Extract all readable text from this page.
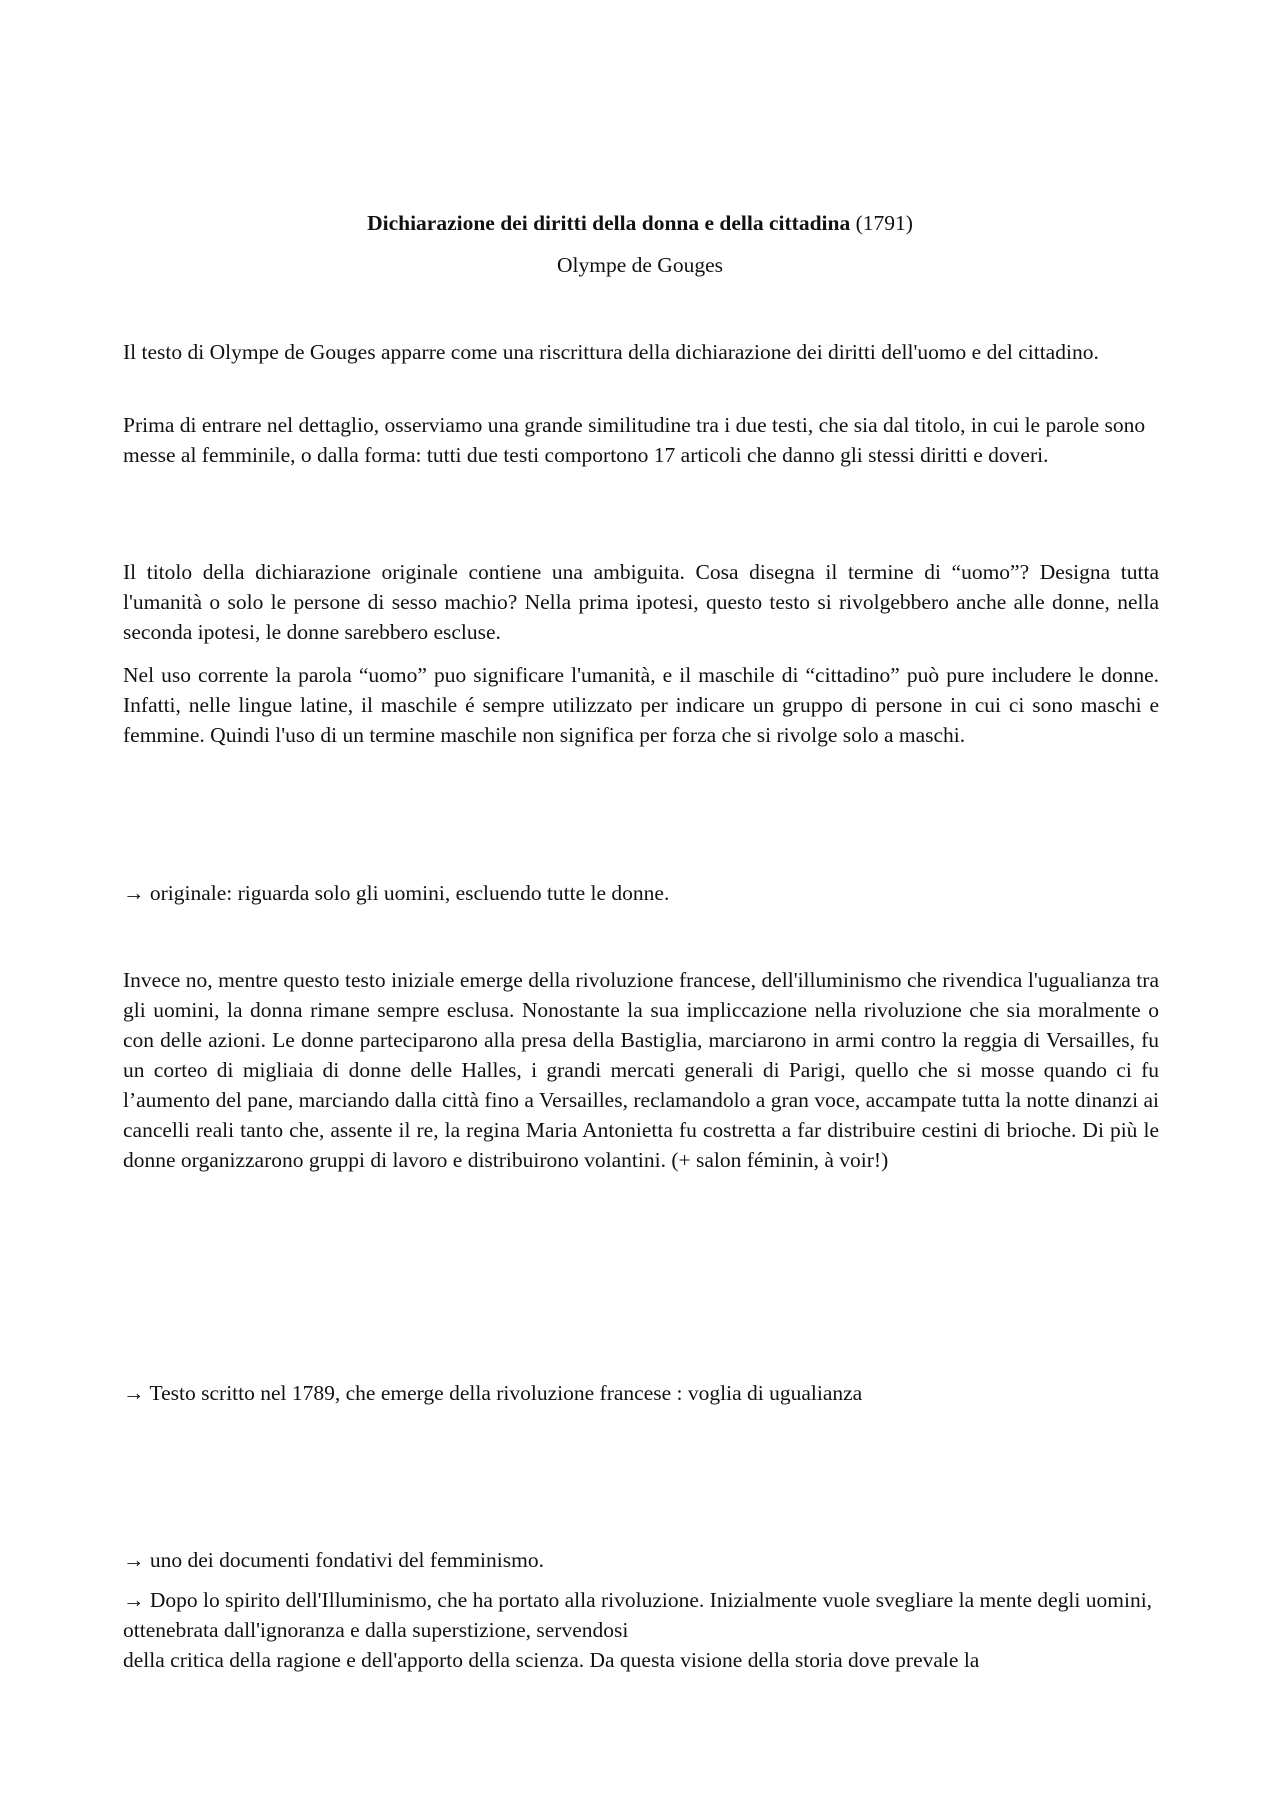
Dichiarazione dei diritti della donna e della cittadina (1791)

Olympe de Gouges

Il testo di Olympe de Gouges apparre come una riscrittura della dichiarazione dei diritti dell'uomo e del cittadino.

Prima di entrare nel dettaglio, osserviamo una grande similitudine tra i due testi, che sia dal titolo, in cui le parole sono messe al femminile, o dalla forma: tutti due testi comportono 17 articoli che danno gli stessi diritti e doveri.

Il titolo della dichiarazione originale contiene una ambiguita. Cosa disegna il termine di “uomo”? Designa tutta l'umanità o solo le persone di sesso machio? Nella prima ipotesi, questo testo si rivolgebbero anche alle donne, nella seconda ipotesi, le donne sarebbero escluse.

Nel uso corrente la parola “uomo” puo significare l'umanità, e il maschile di “cittadino” può pure includere le donne. Infatti, nelle lingue latine, il maschile é sempre utilizzato per indicare un gruppo di persone in cui ci sono maschi e femmine. Quindi l'uso di un termine maschile non significa per forza che si rivolge solo a maschi.

→ originale: riguarda solo gli uomini, escluendo tutte le donne.

Invece no, mentre questo testo iniziale emerge della rivoluzione francese, dell'illuminismo che rivendica l'ugualianza tra gli uomini, la donna rimane sempre esclusa. Nonostante la sua impliccazione nella rivoluzione che sia moralmente o con delle azioni. Le donne parteciparono alla presa della Bastiglia, marciarono in armi contro la reggia di Versailles, fu un corteo di migliaia di donne delle Halles, i grandi mercati generali di Parigi, quello che si mosse quando ci fu l’aumento del pane, marciando dalla città fino a Versailles, reclamandolo a gran voce, accampate tutta la notte dinanzi ai cancelli reali tanto che, assente il re, la regina Maria Antonietta fu costretta a far distribuire cestini di brioche. Di più le donne organizzarono gruppi di lavoro e distribuirono volantini. (+ salon féminin, à voir!)

→ Testo scritto nel 1789, che emerge della rivoluzione francese : voglia di ugualianza

→ uno dei documenti fondativi del femminismo.

→ Dopo lo spirito dell'Illuminismo, che ha portato alla rivoluzione. Inizialmente vuole svegliare la mente degli uomini, ottenebrata dall'ignoranza e dalla superstizione, servendosi

della critica della ragione e dell'apporto della scienza. Da questa visione della storia dove prevale la
